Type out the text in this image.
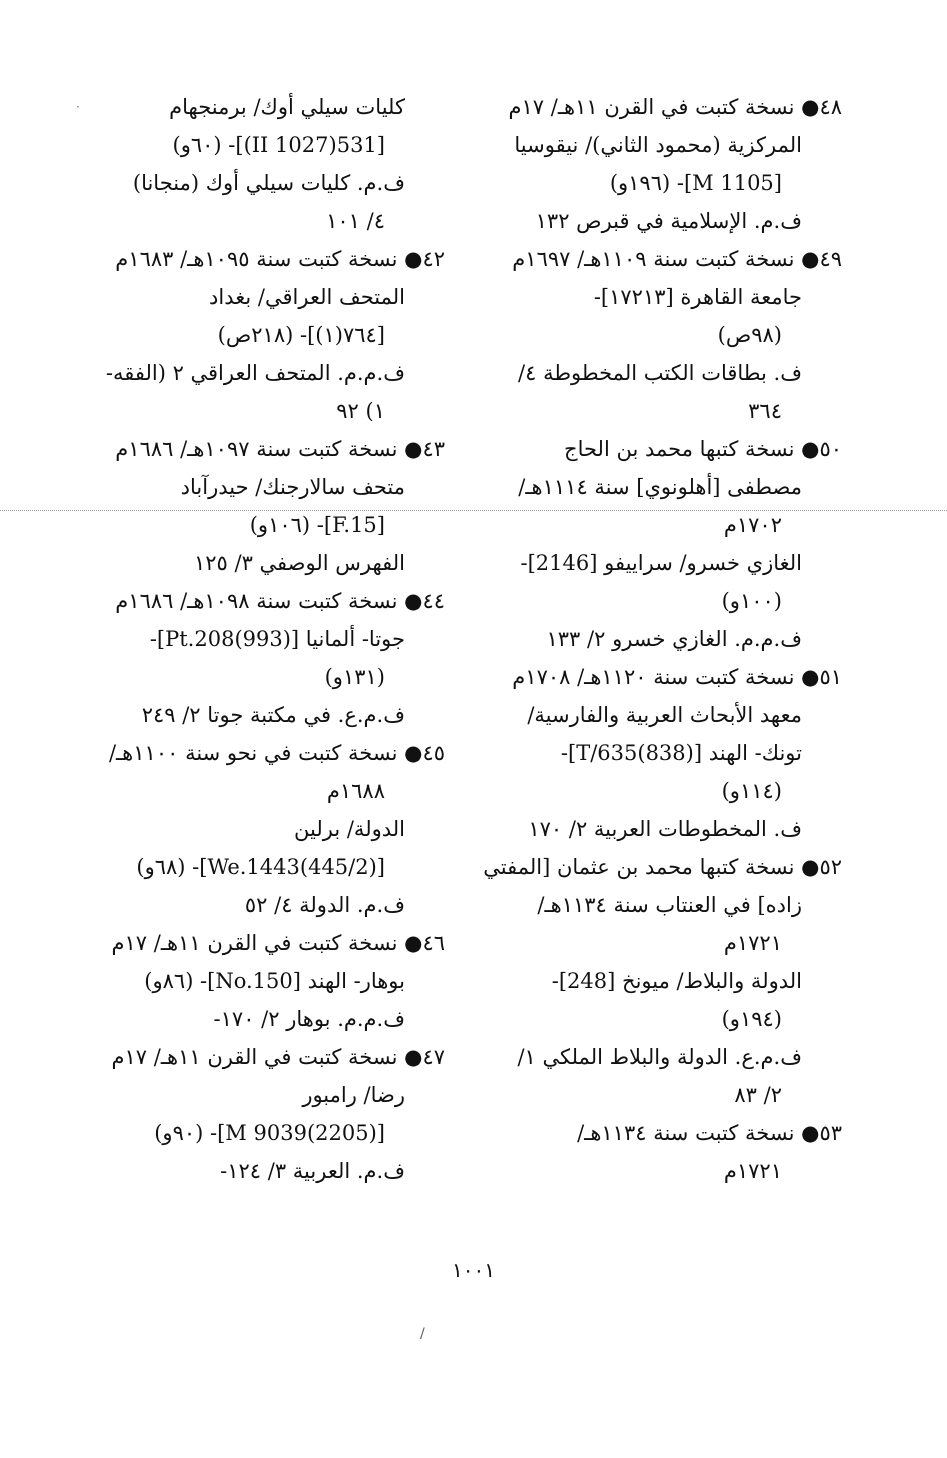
·	٤٨● نسخة كتبت في القرن ١١هـ/ ١٧م
المركزية (محمود الثاني)/ نيقوسيا
[M 1105]- (١٩٦و)
ف.م. الإسلامية في قبرص ١٣٢
٤٩● نسخة كتبت سنة ١١٠٩هـ/ ١٦٩٧م
جامعة القاهرة [١٧٢١٣]-
(٩٨ص)
ف. بطاقات الكتب المخطوطة ٤/
٣٦٤
٥٠● نسخة كتبها محمد بن الحاج
مصطفى [أهلونوي] سنة ١١١٤هـ/
١٧٠٢م
الغازي خسرو/ سراييفو [2146]-
(١٠٠و)
ف.م.م. الغازي خسرو ٢/ ١٣٣
٥١● نسخة كتبت سنة ١١٢٠هـ/ ١٧٠٨م
معهد الأبحاث العربية والفارسية/
تونك- الهند [(838)T/635]-
(١١٤و)
ف. المخطوطات العربية ٢/ ١٧٠
٥٢● نسخة كتبها محمد بن عثمان [المفتي
زاده] في العنتاب سنة ١١٣٤هـ/
١٧٢١م
الدولة والبلاط/ ميونخ [248]-
(١٩٤و)
ف.م.ع. الدولة والبلاط الملكي ١/
٢/ ٨٣
٥٣● نسخة كتبت سنة ١١٣٤هـ/
١٧٢١م
كليات سيلي أوك/ برمنجهام
[531(1027 II)]- (٦٠و)
ف.م. كليات سيلي أوك (منجانا)
٤/ ١٠١
٤٢● نسخة كتبت سنة ١٠٩٥هـ/ ١٦٨٣م
المتحف العراقي/ بغداد
[٧٦٤(١)]- (٢١٨ص)
ف.م.م. المتحف العراقي ٢ (الفقه-
١) ٩٢
٤٣● نسخة كتبت سنة ١٠٩٧هـ/ ١٦٨٦م
متحف سالارجنك/ حيدرآباد
[F.15]- (١٠٦و)
الفهرس الوصفي ٣/ ١٢٥
٤٤● نسخة كتبت سنة ١٠٩٨هـ/ ١٦٨٦م
جوتا- ألمانيا [(993)Pt.208]-
(١٣١و)
ف.م.ع. في مكتبة جوتا ٢/ ٢٤٩
٤٥● نسخة كتبت في نحو سنة ١١٠٠هـ/
١٦٨٨م
الدولة/ برلين
[(445/2)We.1443]- (٦٨و)
ف.م. الدولة ٤/ ٥٢
٤٦● نسخة كتبت في القرن ١١هـ/ ١٧م
بوهار- الهند [No.150]- (٨٦و)
ف.م.م. بوهار ٢/ ١٧٠-
٤٧● نسخة كتبت في القرن ١١هـ/ ١٧م
رضا/ رامبور
[(2205)9039 M]- (٩٠و)
ف.م. العربية ٣/ ١٢٤-
١٠٠١
/
